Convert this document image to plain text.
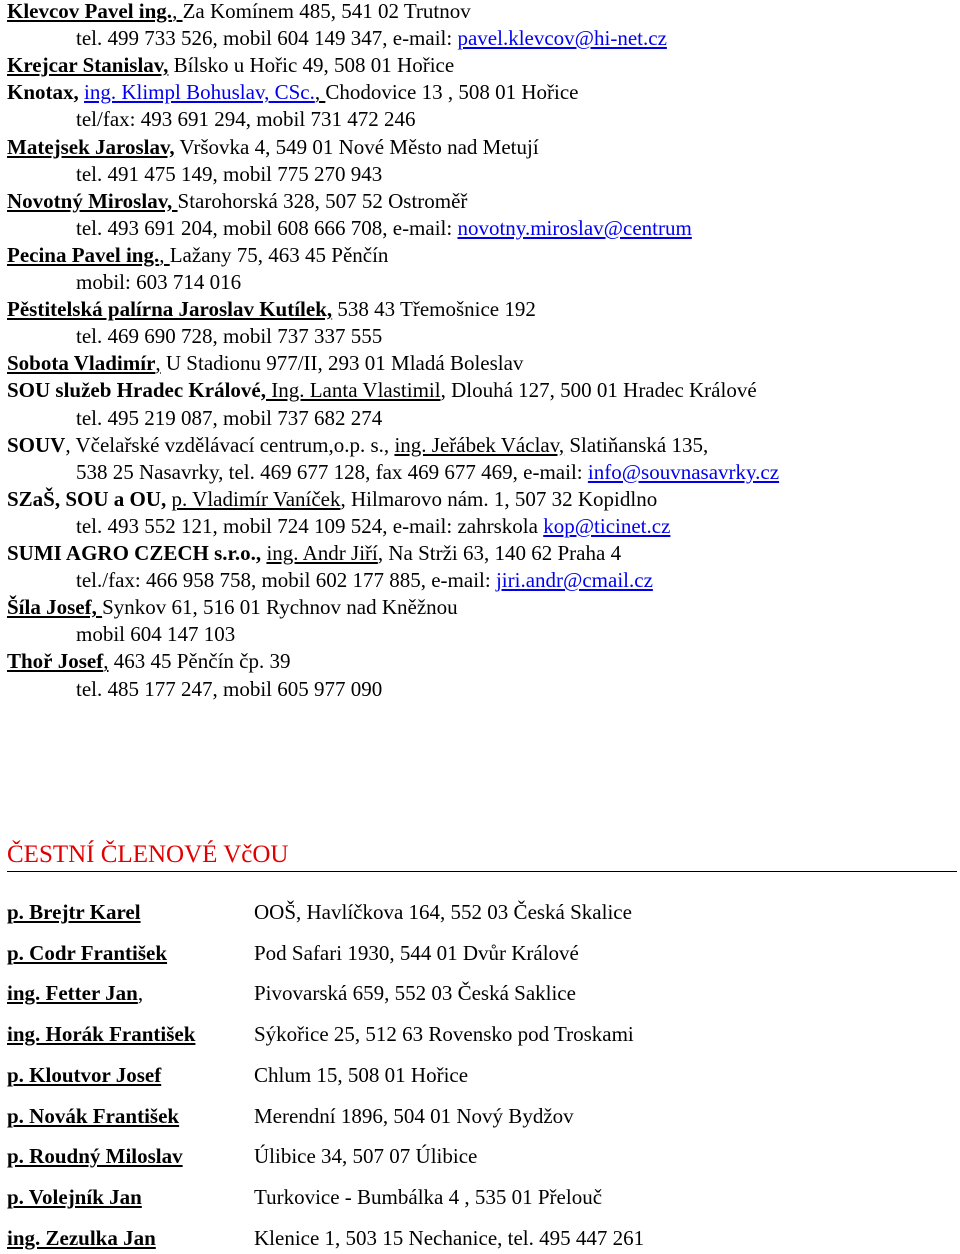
Klevcov Pavel ing., Za Komínem 485, 541 02 Trutnov
tel. 499 733 526, mobil 604 149 347, e-mail: pavel.klevcov@hi-net.cz
Krejcar Stanislav, Bílsko u Hořic 49, 508 01 Hořice
Knotax, ing. Klimpl Bohuslav, CSc., Chodovice 13 , 508 01 Hořice
tel/fax: 493 691 294, mobil 731 472 246
Matejsek Jaroslav, Vršovka 4, 549 01 Nové Město nad Metují
tel. 491 475 149, mobil 775 270 943
Novotný Miroslav, Starohorská 328, 507 52 Ostroměř
tel. 493 691 204, mobil 608 666 708, e-mail: novotny.miroslav@centrum
Pecina Pavel ing., Lažany 75, 463 45 Pěnčín
mobil: 603 714 016
Pěstitelská palírna Jaroslav Kutílek, 538 43 Třemošnice 192
tel. 469 690 728, mobil 737 337 555
Sobota Vladimír, U Stadionu 977/II, 293 01 Mladá Boleslav
SOU služeb Hradec Králové, Ing. Lanta Vlastimil, Dlouhá 127, 500 01 Hradec Králové
tel. 495 219 087, mobil 737 682 274
SOUV, Včelařské vzdělávací centrum,o.p. s., ing. Jeřábek Václav, Slatiňanská 135,
538 25 Nasavrky, tel. 469 677 128, fax 469 677 469, e-mail: info@souvnasavrky.cz
SZaŠ, SOU a OU, p. Vladimír Vaníček, Hilmarovo nám. 1, 507 32 Kopidlno
tel. 493 552 121, mobil 724 109 524, e-mail: zahrskola kop@ticinet.cz
SUMI AGRO CZECH s.r.o., ing. Andr Jiří, Na Strži 63, 140 62 Praha 4
tel./fax: 466 958 758, mobil 602 177 885, e-mail: jiri.andr@cmail.cz
Šíla Josef, Synkov 61, 516 01 Rychnov nad Kněžnou
mobil 604 147 103
Thoř Josef, 463 45 Pěnčín čp. 39
tel. 485 177 247, mobil 605 977 090
ČESTNÍ ČLENOVÉ VčOU
p. Brejtr Karel	OOŠ, Havlíčkova 164, 552 03 Česká Skalice
p. Codr František	Pod Safari 1930, 544 01 Dvůr Králové
ing. Fetter Jan,	Pivovarská 659, 552 03 Česká Saklice
ing. Horák František	Sýkořice 25, 512 63 Rovensko pod Troskami
p. Kloutvor Josef	Chlum 15, 508 01 Hořice
p. Novák František	Merendní 1896, 504 01 Nový Bydžov
p. Roudný Miloslav	Úlibice 34, 507 07 Úlibice
p. Volejník Jan	Turkovice - Bumbálka 4 , 535 01 Přelouč
ing. Zezulka Jan	Klenice 1, 503 15 Nechanice, tel. 495 447 261
